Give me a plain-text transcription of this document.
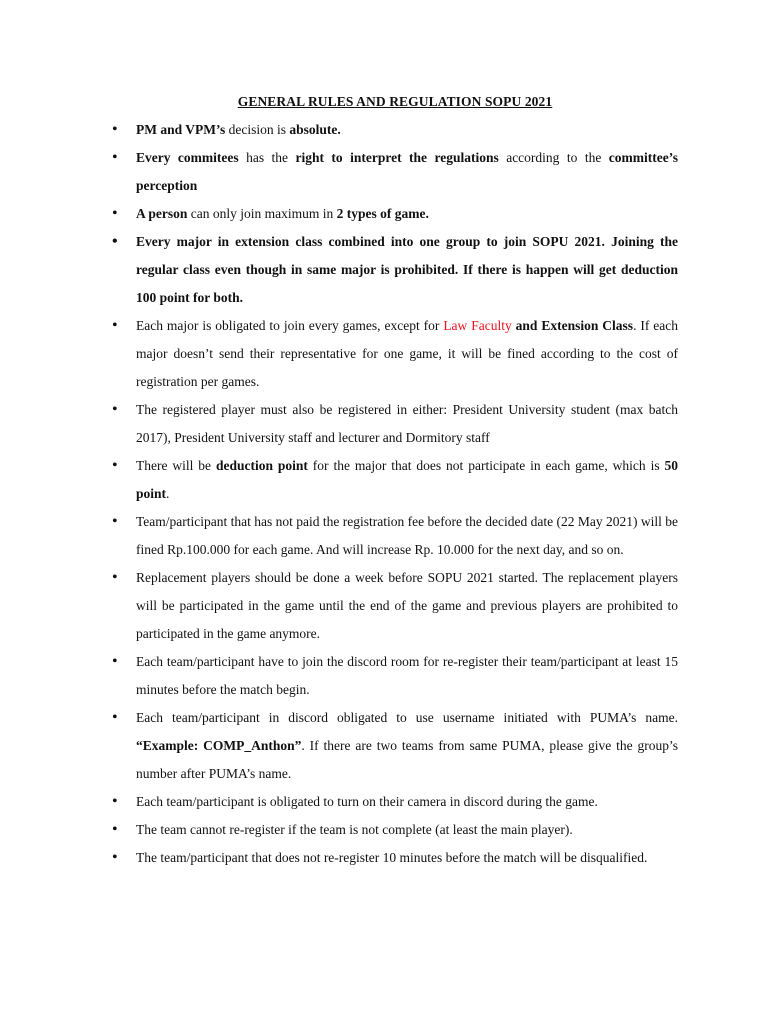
GENERAL RULES AND REGULATION SOPU 2021
• PM and VPM’s decision is absolute.
• Every commitees has the right to interpret the regulations according to the committee’s perception
• A person can only join maximum in 2 types of game.
• Every major in extension class combined into one group to join SOPU 2021. Joining the regular class even though in same major is prohibited. If there is happen will get deduction 100 point for both.
• Each major is obligated to join every games, except for Law Faculty and Extension Class. If each major doesn’t send their representative for one game, it will be fined according to the cost of registration per games.
• The registered player must also be registered in either: President University student (max batch 2017), President University staff and lecturer and Dormitory staff
• There will be deduction point for the major that does not participate in each game, which is 50 point.
• Team/participant that has not paid the registration fee before the decided date (22 May 2021) will be fined Rp.100.000 for each game. And will increase Rp. 10.000 for the next day, and so on.
• Replacement players should be done a week before SOPU 2021 started. The replacement players will be participated in the game until the end of the game and previous players are prohibited to participated in the game anymore.
• Each team/participant have to join the discord room for re-register their team/participant at least 15 minutes before the match begin.
• Each team/participant in discord obligated to use username initiated with PUMA’s name. “Example: COMP_Anthon”. If there are two teams from same PUMA, please give the group’s number after PUMA’s name.
• Each team/participant is obligated to turn on their camera in discord during the game.
• The team cannot re-register if the team is not complete (at least the main player).
• The team/participant that does not re-register 10 minutes before the match will be disqualified.
